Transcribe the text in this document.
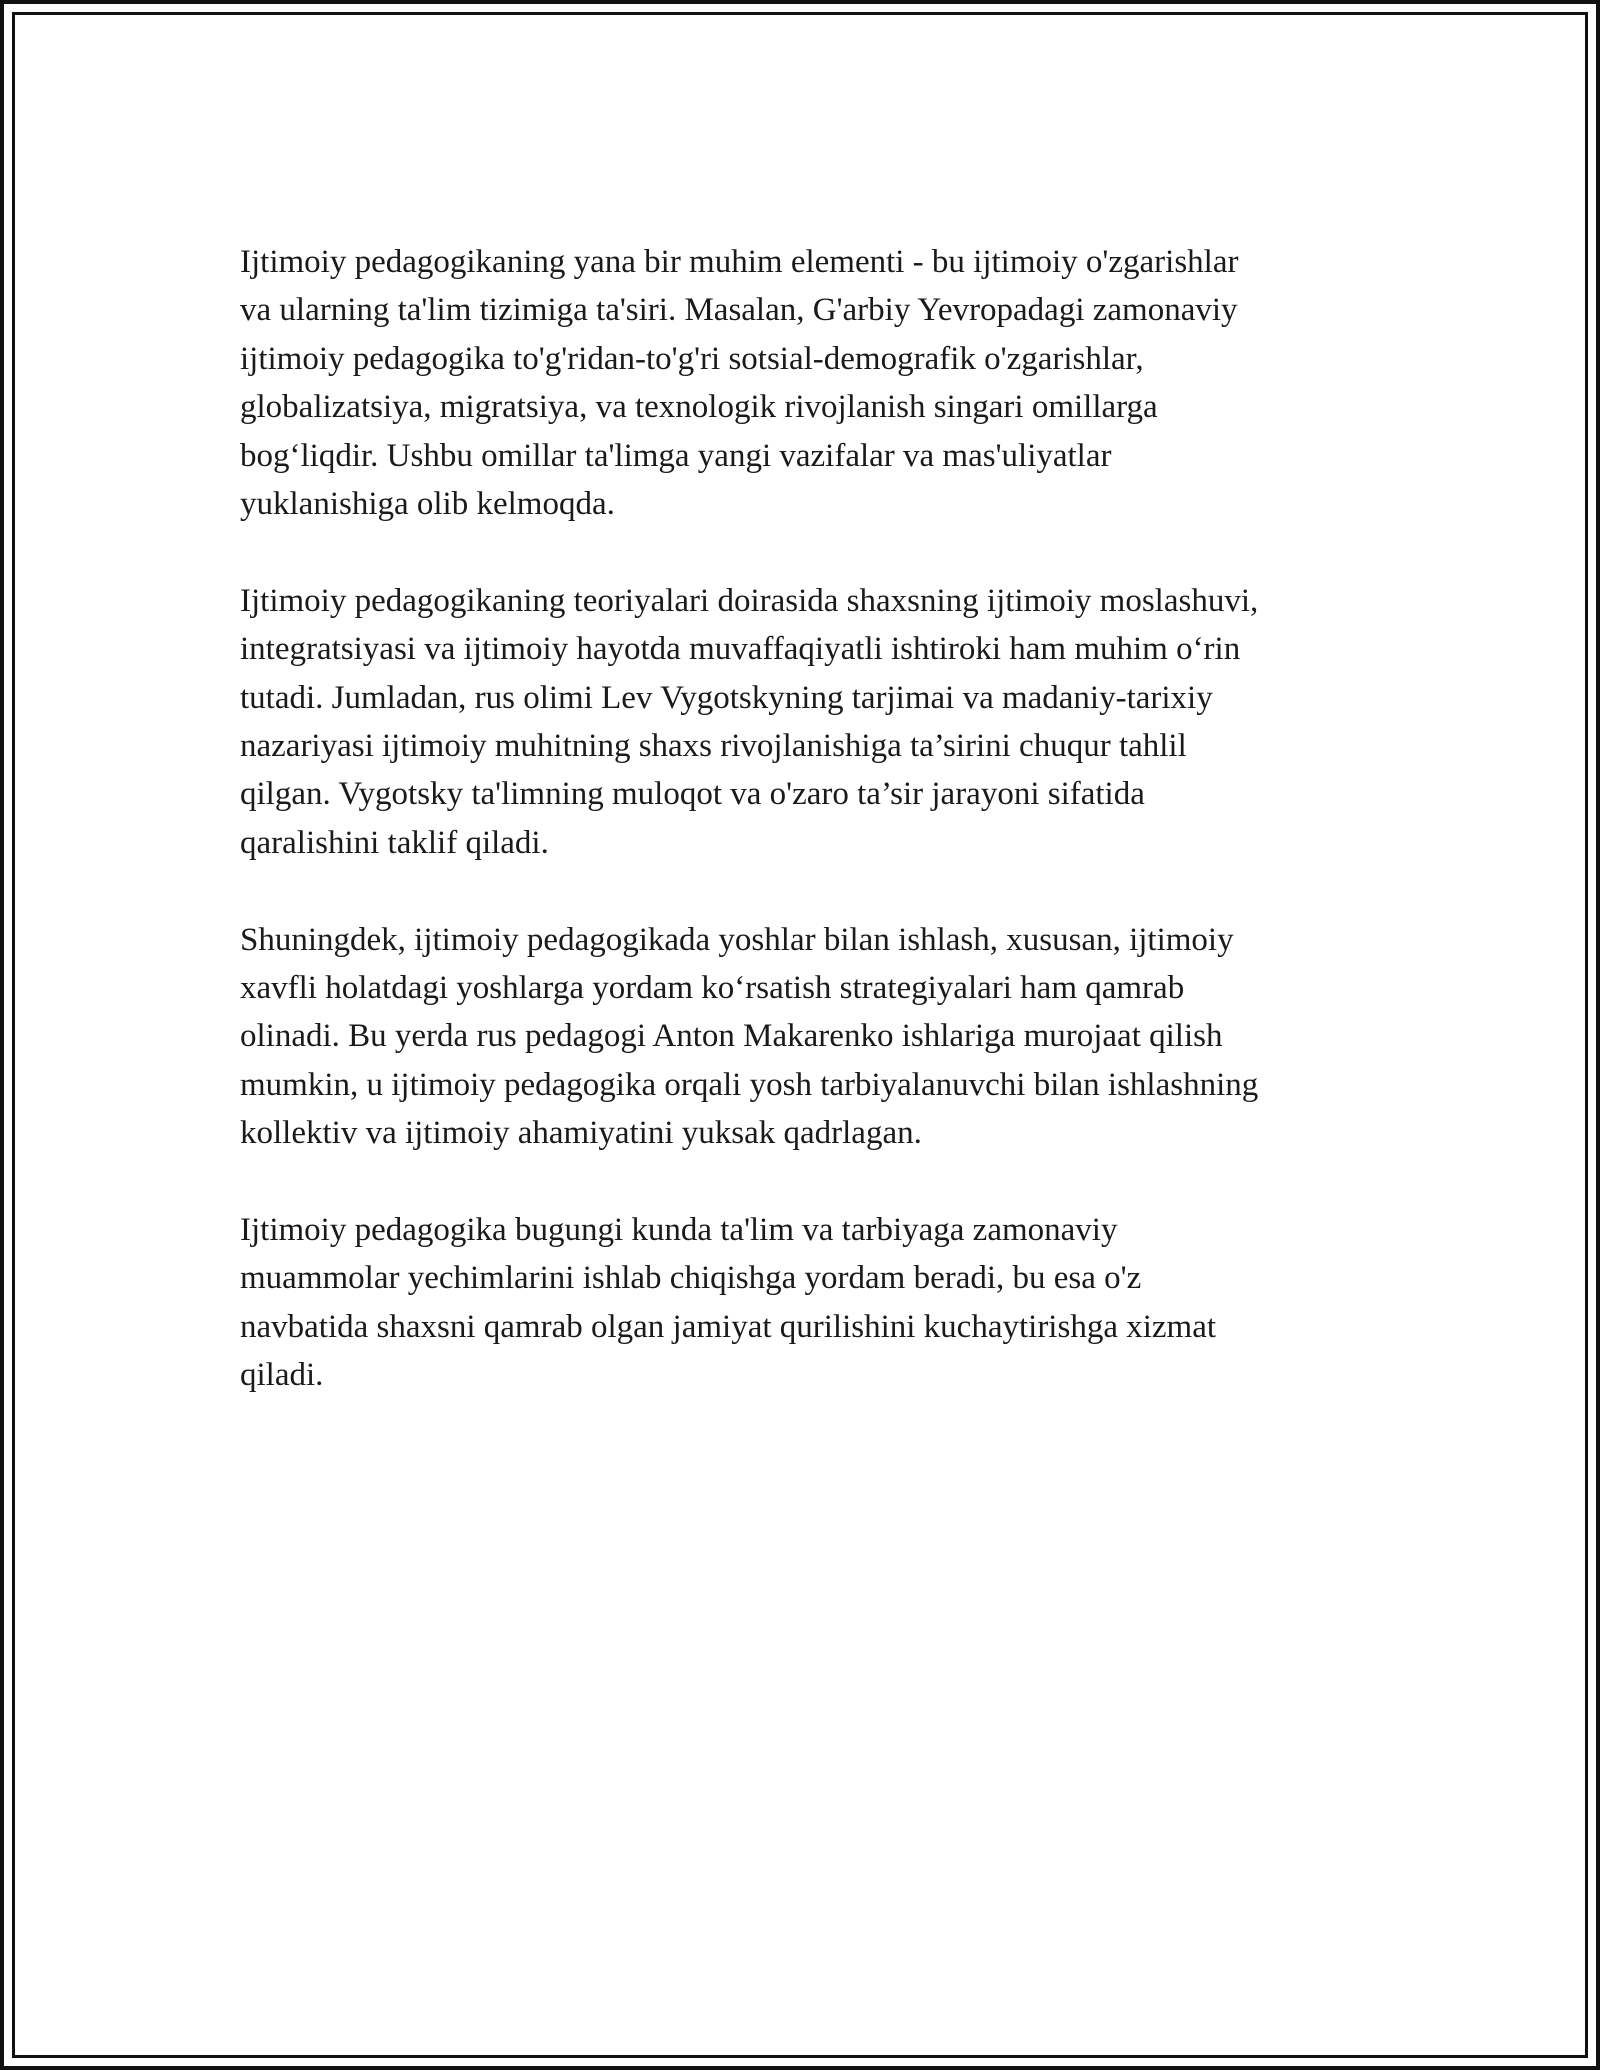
Ijtimoiy pedagogikaning yana bir muhim elementi - bu ijtimoiy o'zgarishlar
va ularning ta'lim tizimiga ta'siri. Masalan, G'arbiy Yevropadagi zamonaviy
ijtimoiy pedagogika to'g'ridan-to'g'ri sotsial-demografik o'zgarishlar,
globalizatsiya, migratsiya, va texnologik rivojlanish singari omillarga
bog‘liqdir. Ushbu omillar ta'limga yangi vazifalar va mas'uliyatlar
yuklanishiga olib kelmoqda.

Ijtimoiy pedagogikaning teoriyalari doirasida shaxsning ijtimoiy moslashuvi,
integratsiyasi va ijtimoiy hayotda muvaffaqiyatli ishtiroki ham muhim o‘rin
tutadi. Jumladan, rus olimi Lev Vygotskyning tarjimai va madaniy-tarixiy
nazariyasi ijtimoiy muhitning shaxs rivojlanishiga ta’sirini chuqur tahlil
qilgan. Vygotsky ta'limning muloqot va o'zaro ta’sir jarayoni sifatida
qaralishini taklif qiladi.

Shuningdek, ijtimoiy pedagogikada yoshlar bilan ishlash, xususan, ijtimoiy
xavfli holatdagi yoshlarga yordam ko‘rsatish strategiyalari ham qamrab
olinadi. Bu yerda rus pedagogi Anton Makarenko ishlariga murojaat qilish
mumkin, u ijtimoiy pedagogika orqali yosh tarbiyalanuvchi bilan ishlashning
kollektiv va ijtimoiy ahamiyatini yuksak qadrlagan.

Ijtimoiy pedagogika bugungi kunda ta'lim va tarbiyaga zamonaviy
muammolar yechimlarini ishlab chiqishga yordam beradi, bu esa o'z
navbatida shaxsni qamrab olgan jamiyat qurilishini kuchaytirishga xizmat
qiladi.
